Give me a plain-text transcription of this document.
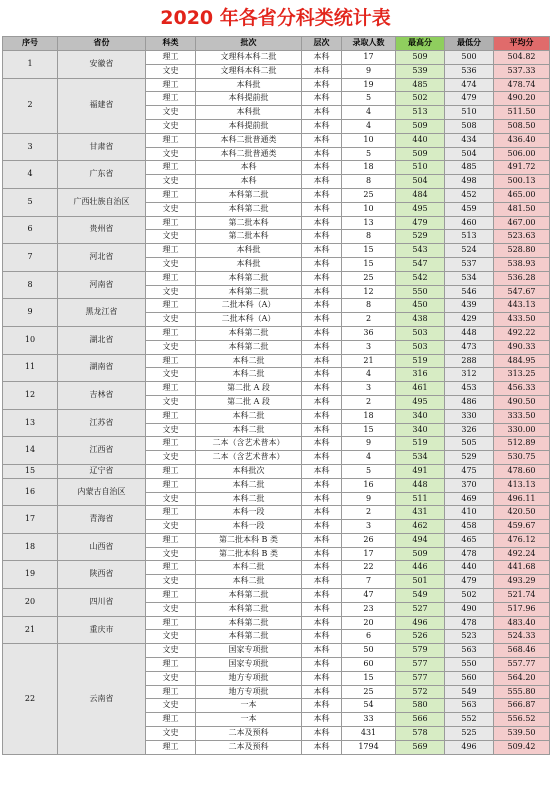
2020 年各省分科类统计表
序号	省份	科类	批次	层次	录取人数	最高分	最低分	平均分
1	安徽省	理工	文理科本科二批	本科	17	509	500	504.82
		文史	文理科本科二批	本科	9	539	536	537.33
2	福建省	理工	本科批	本科	19	485	474	478.74
		理工	本科提前批	本科	5	502	479	490.20
		文史	本科批	本科	4	513	510	511.50
		文史	本科提前批	本科	4	509	508	508.50
3	甘肃省	理工	本科二批普通类	本科	10	440	434	436.40
		文史	本科二批普通类	本科	5	509	504	506.00
4	广东省	理工	本科	本科	18	510	485	491.72
		文史	本科	本科	8	504	498	500.13
5	广西壮族自治区	理工	本科第二批	本科	25	484	452	465.00
		文史	本科第二批	本科	10	495	459	481.50
6	贵州省	理工	第二批本科	本科	13	479	460	467.00
		文史	第二批本科	本科	8	529	513	523.63
7	河北省	理工	本科批	本科	15	543	524	528.80
		文史	本科批	本科	15	547	537	538.93
8	河南省	理工	本科第二批	本科	25	542	534	536.28
		文史	本科第二批	本科	12	550	546	547.67
9	黑龙江省	理工	二批本科（A）	本科	8	450	439	443.13
		文史	二批本科（A）	本科	2	438	429	433.50
10	湖北省	理工	本科第二批	本科	36	503	448	492.22
		文史	本科第二批	本科	3	503	473	490.33
11	湖南省	理工	本科二批	本科	21	519	288	484.95
		文史	本科二批	本科	4	316	312	313.25
12	吉林省	理工	第二批 A 段	本科	3	461	453	456.33
		文史	第二批 A 段	本科	2	495	486	490.50
13	江苏省	理工	本科二批	本科	18	340	330	333.50
		文史	本科二批	本科	15	340	326	330.00
14	江西省	理工	二本（含艺术普本）	本科	9	519	505	512.89
		文史	二本（含艺术普本）	本科	4	534	529	530.75
15	辽宁省	理工	本科批次	本科	5	491	475	478.60
16	内蒙古自治区	理工	本科二批	本科	16	448	370	413.13
		文史	本科二批	本科	9	511	469	496.11
17	青海省	理工	本科一段	本科	2	431	410	420.50
		文史	本科一段	本科	3	462	458	459.67
18	山西省	理工	第二批本科 B 类	本科	26	494	465	476.12
		文史	第二批本科 B 类	本科	17	509	478	492.24
19	陕西省	理工	本科二批	本科	22	446	440	441.68
		文史	本科二批	本科	7	501	479	493.29
20	四川省	理工	本科第二批	本科	47	549	502	521.74
		文史	本科第二批	本科	23	527	490	517.96
21	重庆市	理工	本科第二批	本科	20	496	478	483.40
		文史	本科第二批	本科	6	526	523	524.33
22	云南省	文史	国家专项批	本科	50	579	563	568.46
		理工	国家专项批	本科	60	577	550	557.77
		文史	地方专项批	本科	15	577	560	564.20
		理工	地方专项批	本科	25	572	549	555.80
		文史	一本	本科	54	580	563	566.87
		理工	一本	本科	33	566	552	556.52
		文史	二本及预科	本科	431	578	525	539.50
		理工	二本及预科	本科	1794	569	496	509.42
